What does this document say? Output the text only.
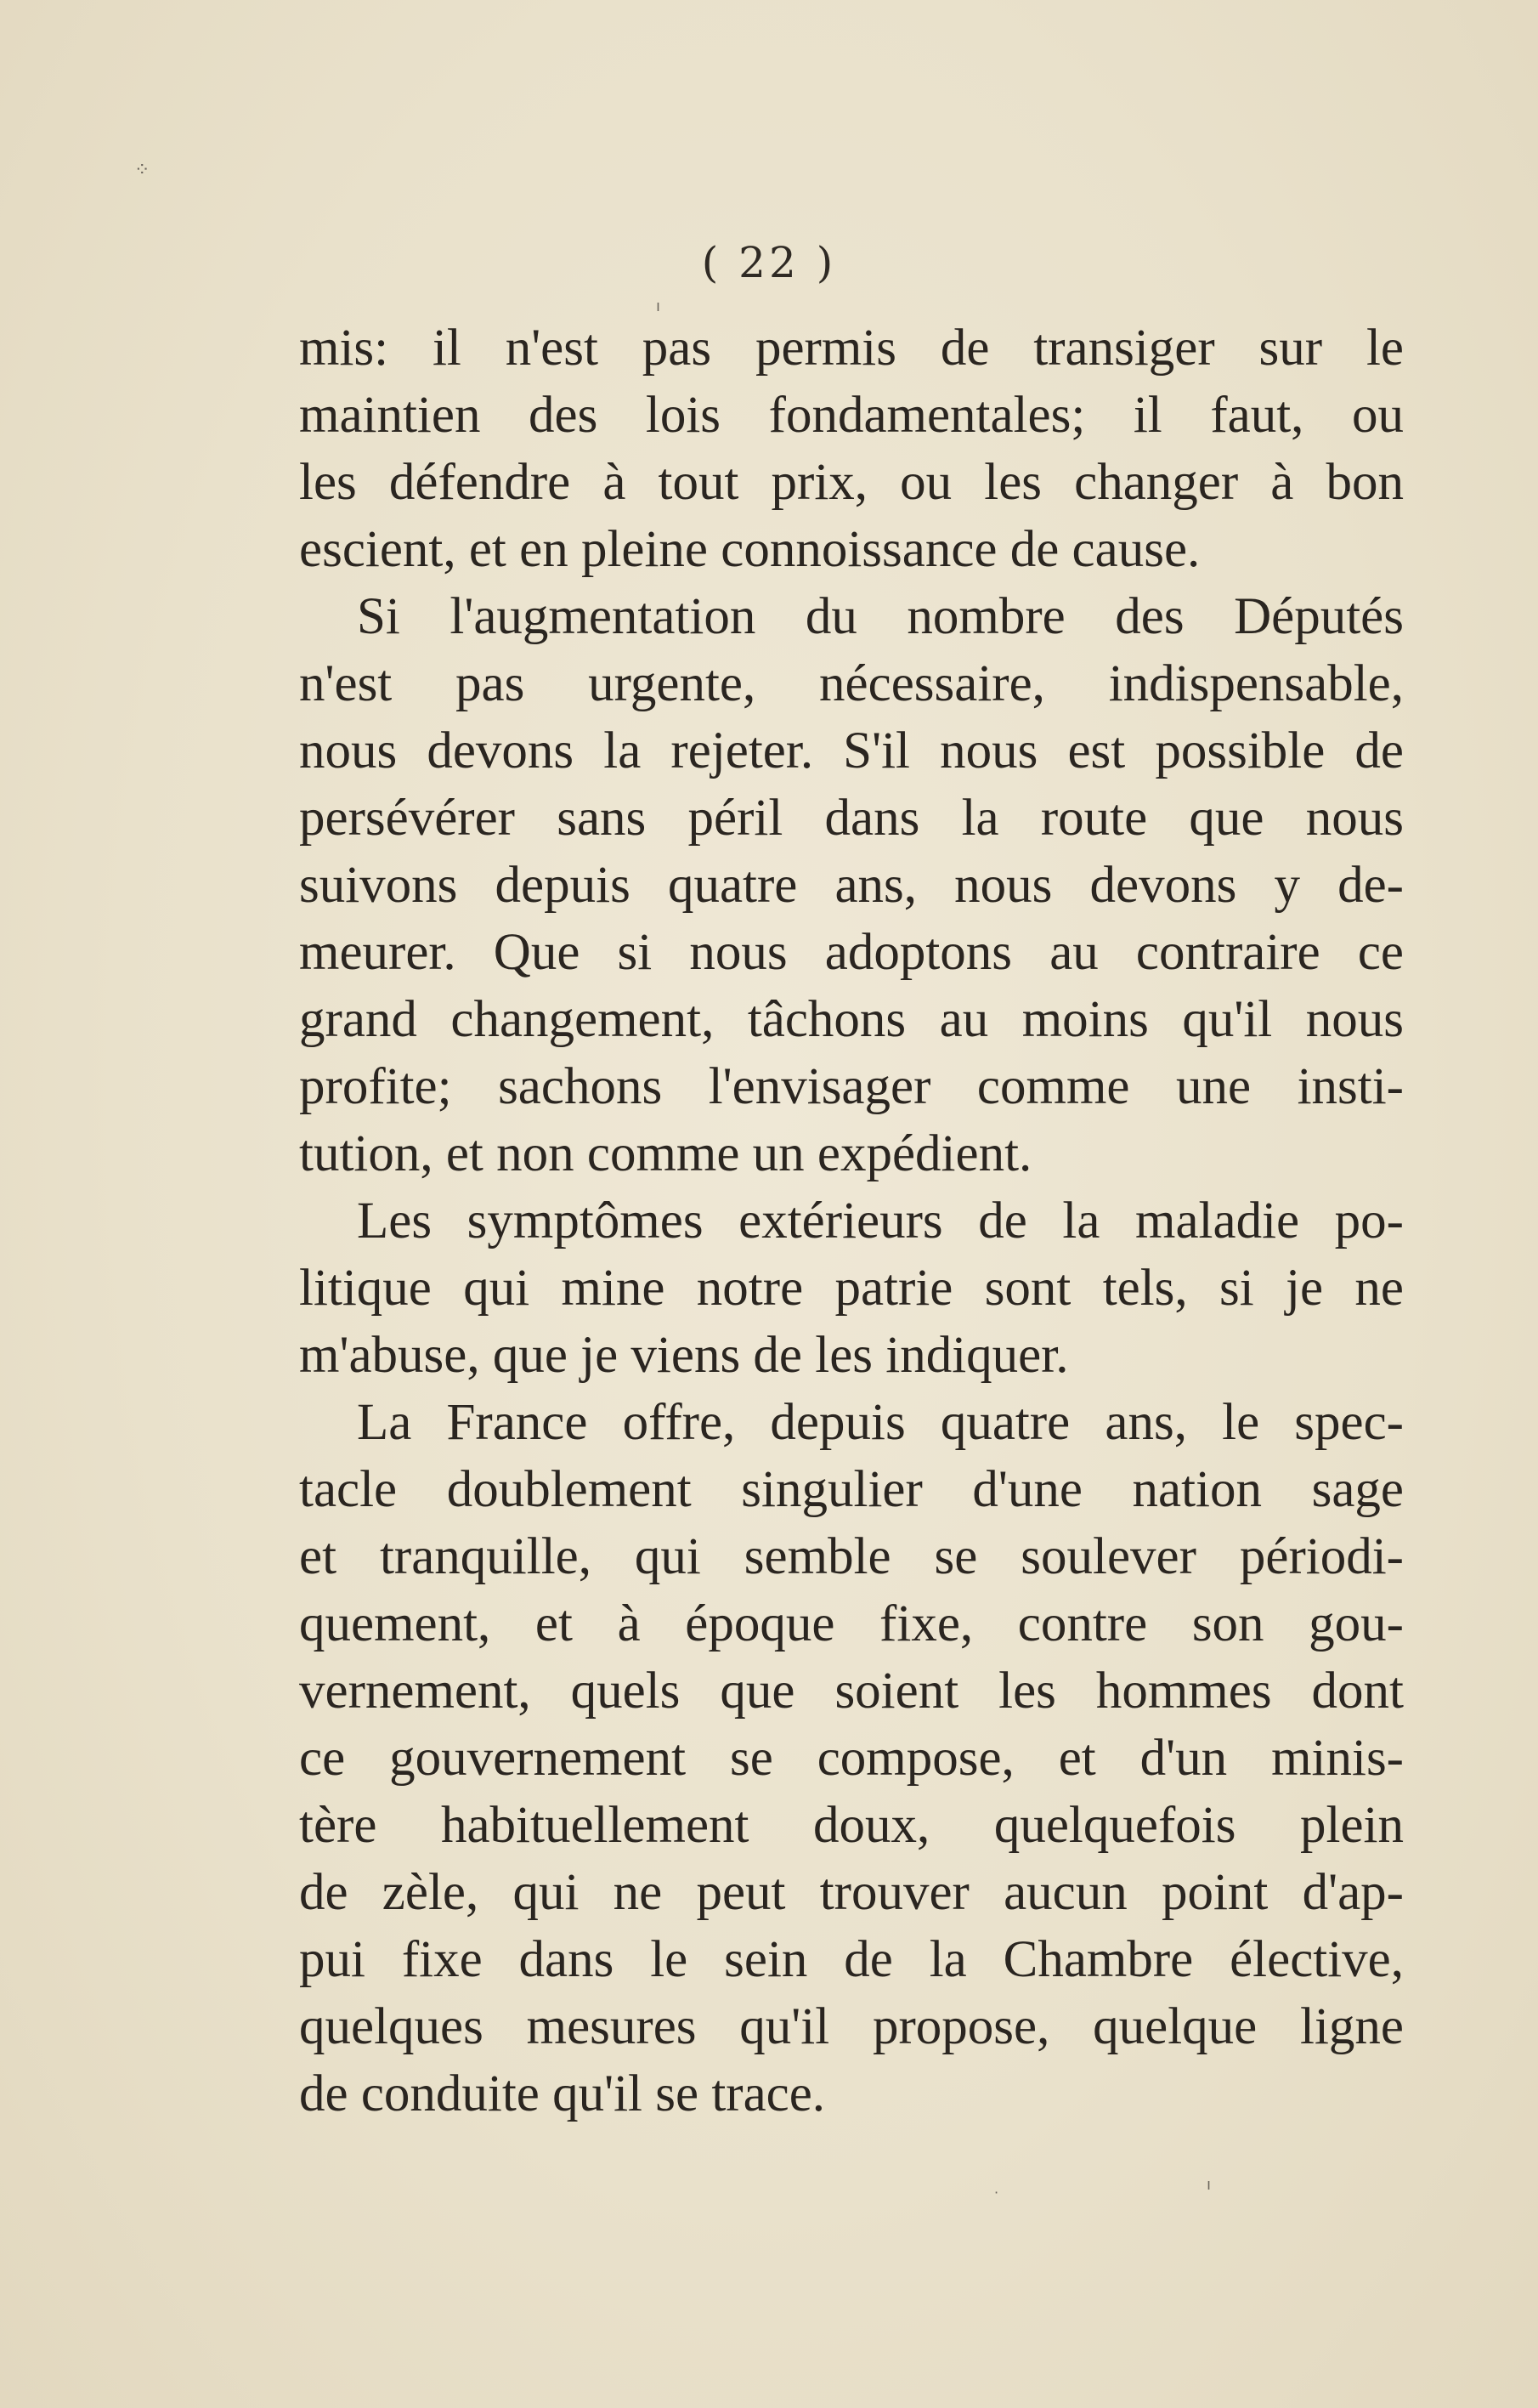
⁘
ı
·	ı
( 22 )
mis: il n'est pas permis de transiger sur le
maintien des lois fondamentales; il faut, ou
les défendre à tout prix, ou les changer à bon
escient, et en pleine connoissance de cause.
Si l'augmentation du nombre des Députés
n'est pas urgente, nécessaire, indispensable,
nous devons la rejeter. S'il nous est possible de
persévérer sans péril dans la route que nous
suivons depuis quatre ans, nous devons y de-
meurer. Que si nous adoptons au contraire ce
grand changement, tâchons au moins qu'il nous
profite; sachons l'envisager comme une insti-
tution, et non comme un expédient.
Les symptômes extérieurs de la maladie po-
litique qui mine notre patrie sont tels, si je ne
m'abuse, que je viens de les indiquer.
La France offre, depuis quatre ans, le spec-
tacle doublement singulier d'une nation sage
et tranquille, qui semble se soulever périodi-
quement, et à époque fixe, contre son gou-
vernement, quels que soient les hommes dont
ce gouvernement se compose, et d'un minis-
tère habituellement doux, quelquefois plein
de zèle, qui ne peut trouver aucun point d'ap-
pui fixe dans le sein de la Chambre élective,
quelques mesures qu'il propose, quelque ligne
de conduite qu'il se trace.
